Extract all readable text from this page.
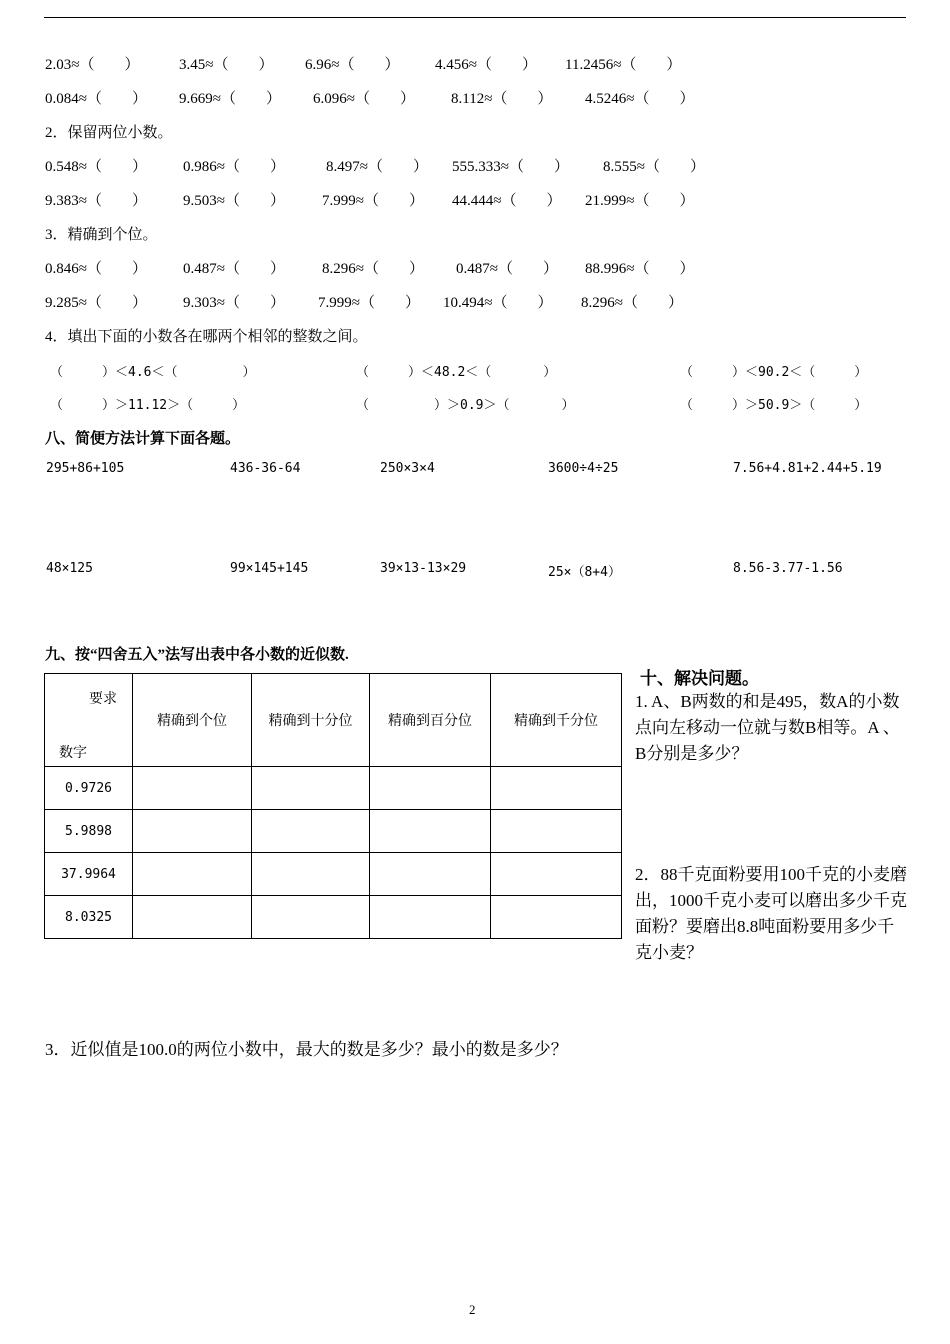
2.03≈（　　）	3.45≈（　　） 6.96≈（　　） 4.456≈（　　） 11.2456≈（　　）
0.084≈（　　） 9.669≈（　　） 6.096≈（　　） 8.112≈（　　） 4.5246≈（　　）
2．保留两位小数。
0.548≈（　　） 0.986≈（　　）	8.497≈（　　） 555.333≈（　　） 8.555≈（　　）
9.383≈（　　） 9.503≈（　　） 7.999≈（　　） 44.444≈（　　） 21.999≈（　　）
3．精确到个位。
0.846≈（　　） 0.487≈（　　） 8.296≈（　　） 0.487≈（　　） 88.996≈（　　）
9.285≈（　　） 9.303≈（　　） 7.999≈（　　） 10.494≈（　　） 8.296≈（　　）
4．填出下面的小数各在哪两个相邻的整数之间。
（　　　）＜4.6＜（　　　　　）	（　　　）＜48.2＜（　　　　）	（　　　）＜90.2＜（　　　）
（　　　）＞11.12＞（　　　）	（　　　　　）＞0.9＞（　　　　）	（　　　）＞50.9＞（　　　）
八、简便方法计算下面各题。
295+86+105	436-36-64	250×3×4	3600÷4÷25	7.56+4.81+2.44+5.19
48×125	99×145+145	39×13-13×29	25×（8+4）	8.56-3.77-1.56
九、按“四舍五入”法写出表中各小数的近似数.
要求
数字	精确到个位	精确到十分位	精确到百分位	精确到千分位
0.9726				
5.9898				
37.9964				
8.0325				
十、解决问题。
1. A、B两数的和是495，数A的小数点向左移动一位就与数B相等。A 、B分别是多少？
2．88千克面粉要用100千克的小麦磨出，1000千克小麦可以磨出多少千克面粉？要磨出8.8吨面粉要用多少千克小麦？
3．近似值是100.0的两位小数中，最大的数是多少？最小的数是多少？
2
